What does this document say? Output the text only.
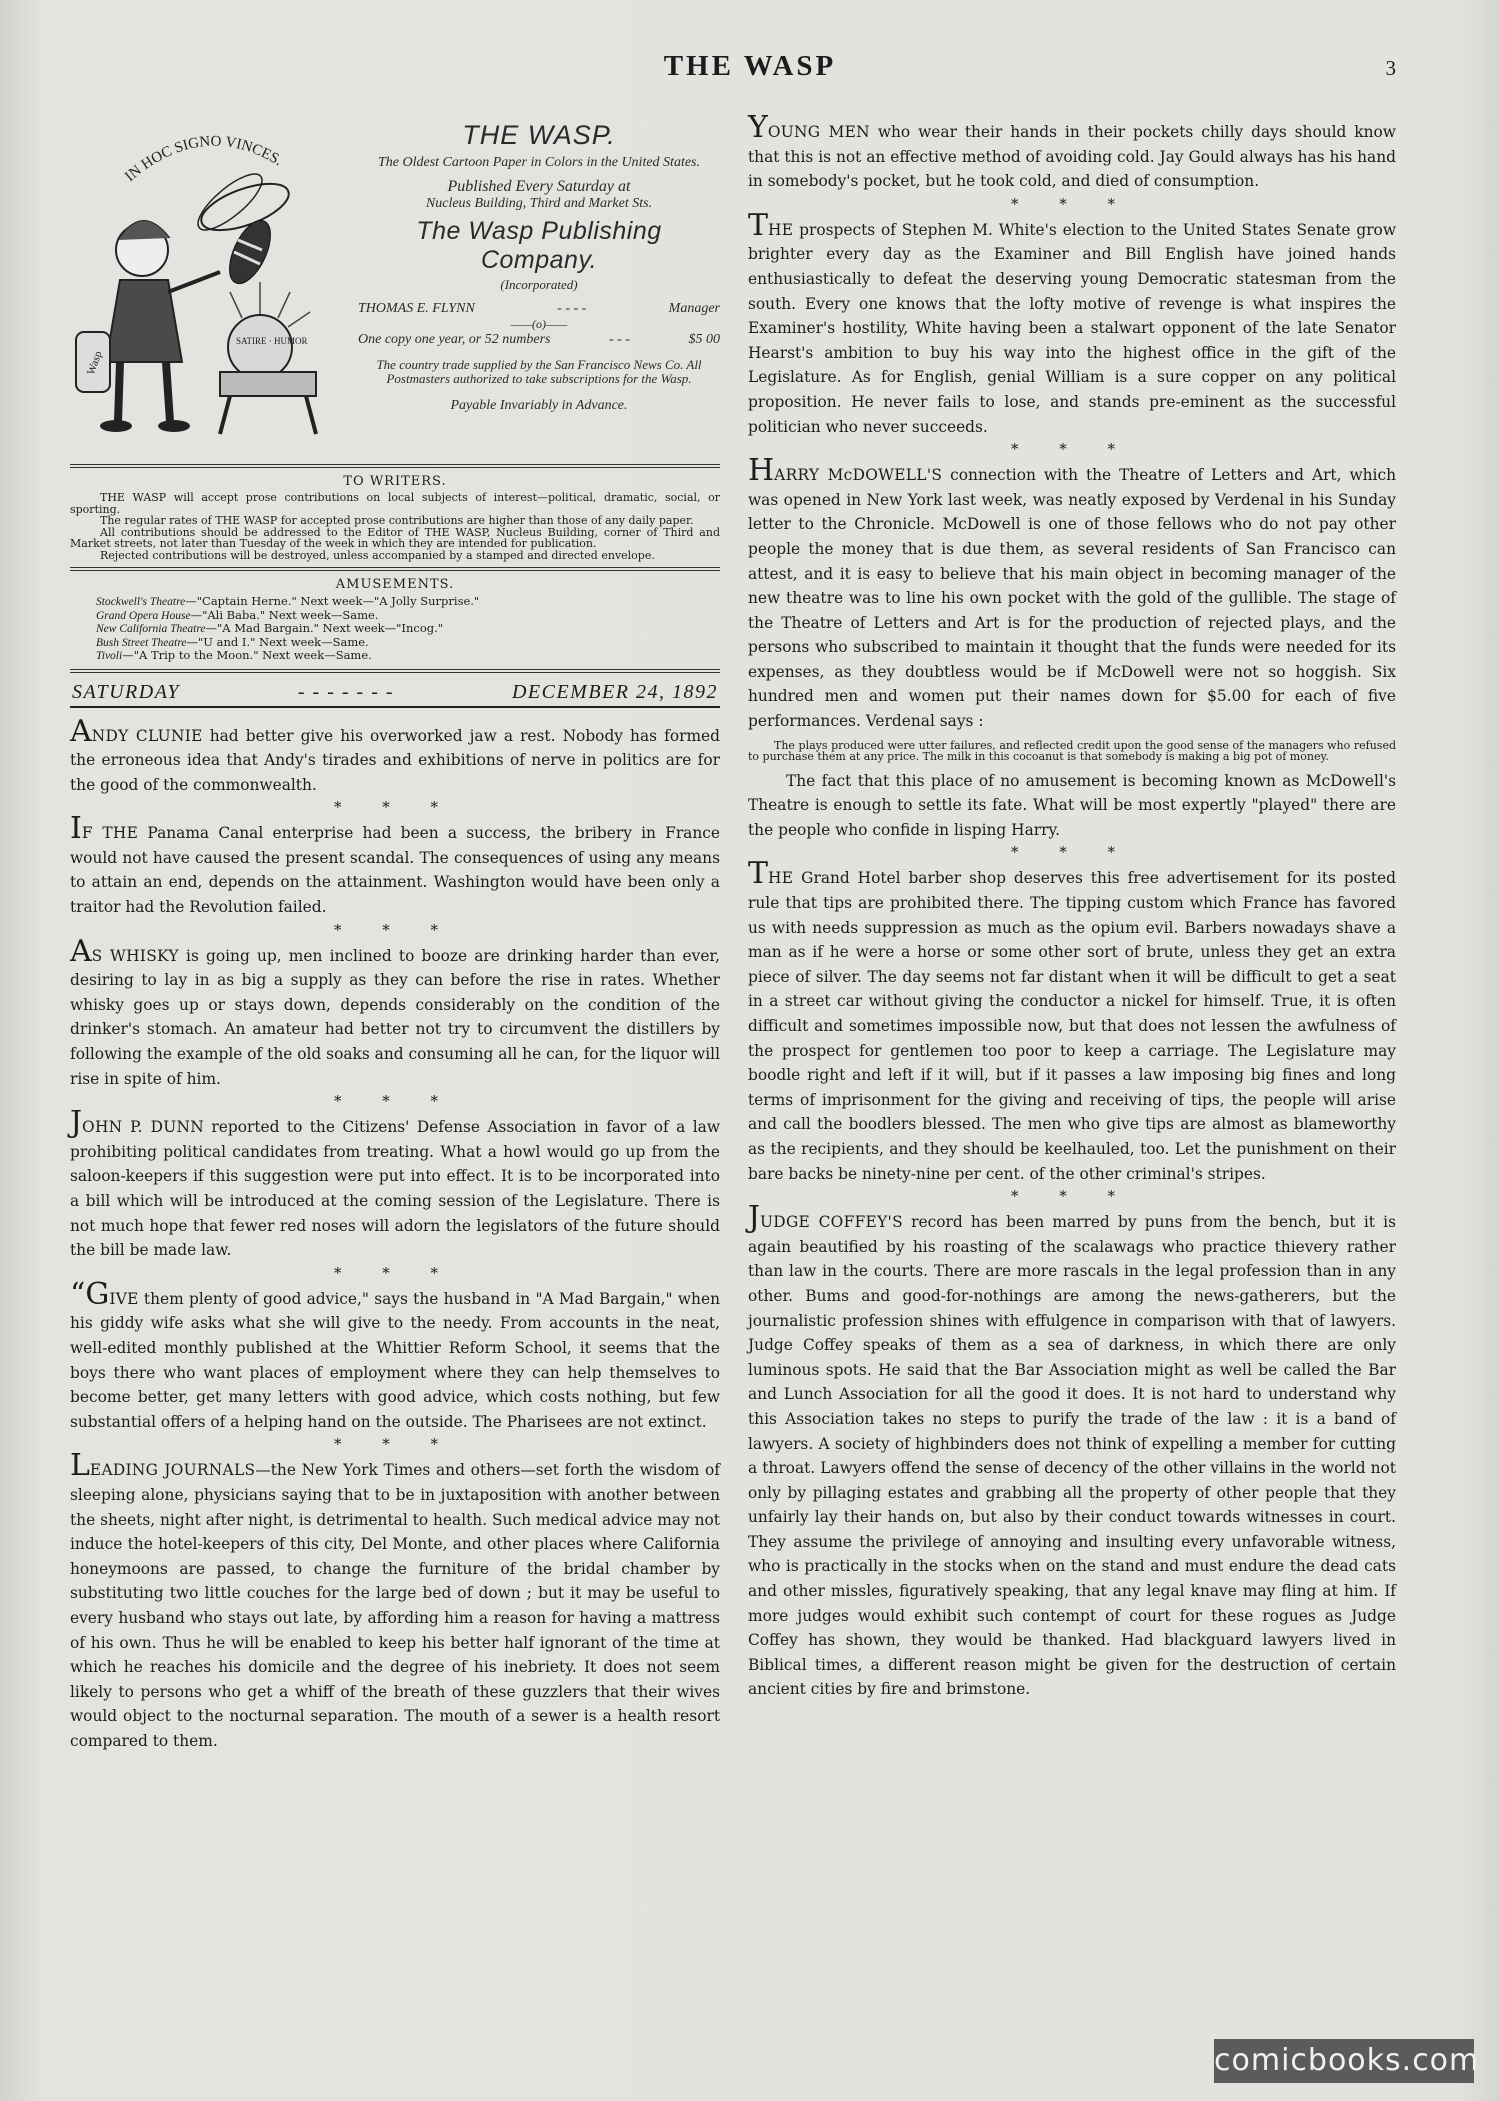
THE WASP	3
IN HOC SIGNO VINCES.
Wasp
SATIRE · HUMOR

THE WASP.

The Oldest Cartoon Paper in Colors in the United States.

Published Every Saturday at

Nucleus Building, Third and Market Sts.

The Wasp Publishing Company.

(Incorporated)

THOMAS E. FLYNN	- - - -	Manager

——(o)——

One copy one year, or 52 numbers	- - -	$5 00

The country trade supplied by the San Francisco News Co. All Postmasters authorized to take subscriptions for the Wasp.

Payable Invariably in Advance.

TO WRITERS.

THE WASP will accept prose contributions on local subjects of interest—political, dramatic, social, or sporting.

The regular rates of THE WASP for accepted prose contributions are higher than those of any daily paper.

All contributions should be addressed to the Editor of THE WASP, Nucleus Building, corner of Third and Market streets, not later than Tuesday of the week in which they are intended for publication.

Rejected contributions will be destroyed, unless accompanied by a stamped and directed envelope.

AMUSEMENTS.

Stockwell's Theatre—"Captain Herne." Next week—"A Jolly Surprise."

Grand Opera House—"Ali Baba." Next week—Same.

New California Theatre—"A Mad Bargain." Next week—"Incog."

Bush Street Theatre—"U and I." Next week—Same.

Tivoli—"A Trip to the Moon." Next week—Same.

SATURDAY	- - - - - - -	DECEMBER 24, 1892

ANDY CLUNIE had better give his overworked jaw a rest. Nobody has formed the erroneous idea that Andy's tirades and exhibitions of nerve in politics are for the good of the commonwealth.

* * *

IF THE Panama Canal enterprise had been a success, the bribery in France would not have caused the present scandal. The consequences of using any means to attain an end, depends on the attainment. Washington would have been only a traitor had the Revolution failed.

* * *

AS WHISKY is going up, men inclined to booze are drinking harder than ever, desiring to lay in as big a supply as they can before the rise in rates. Whether whisky goes up or stays down, depends considerably on the condition of the drinker's stomach. An amateur had better not try to circumvent the distillers by following the example of the old soaks and consuming all he can, for the liquor will rise in spite of him.

* * *

JOHN P. DUNN reported to the Citizens' Defense Association in favor of a law prohibiting political candidates from treating. What a howl would go up from the saloon-keepers if this suggestion were put into effect. It is to be incorporated into a bill which will be introduced at the coming session of the Legislature. There is not much hope that fewer red noses will adorn the legislators of the future should the bill be made law.

* * *

“GIVE them plenty of good advice," says the husband in "A Mad Bargain," when his giddy wife asks what she will give to the needy. From accounts in the neat, well-edited monthly published at the Whittier Reform School, it seems that the boys there who want places of employment where they can help themselves to become better, get many letters with good advice, which costs nothing, but few substantial offers of a helping hand on the outside. The Pharisees are not extinct.

* * *

LEADING JOURNALS—the New York Times and others—set forth the wisdom of sleeping alone, physicians saying that to be in juxtaposition with another between the sheets, night after night, is detrimental to health. Such medical advice may not induce the hotel-keepers of this city, Del Monte, and other places where California honeymoons are passed, to change the furniture of the bridal chamber by substituting two little couches for the large bed of down ; but it may be useful to every husband who stays out late, by affording him a reason for having a mattress of his own. Thus he will be enabled to keep his better half ignorant of the time at which he reaches his domicile and the degree of his inebriety. It does not seem likely to persons who get a whiff of the breath of these guzzlers that their wives would object to the nocturnal separation. The mouth of a sewer is a health resort compared to them.

YOUNG MEN who wear their hands in their pockets chilly days should know that this is not an effective method of avoiding cold. Jay Gould always has his hand in somebody's pocket, but he took cold, and died of consumption.

* * *

THE prospects of Stephen M. White's election to the United States Senate grow brighter every day as the Examiner and Bill English have joined hands enthusiastically to defeat the deserving young Democratic statesman from the south. Every one knows that the lofty motive of revenge is what inspires the Examiner's hostility, White having been a stalwart opponent of the late Senator Hearst's ambition to buy his way into the highest office in the gift of the Legislature. As for English, genial William is a sure copper on any political proposition. He never fails to lose, and stands pre-eminent as the successful politician who never succeeds.

* * *

HARRY McDOWELL'S connection with the Theatre of Letters and Art, which was opened in New York last week, was neatly exposed by Verdenal in his Sunday letter to the Chronicle. McDowell is one of those fellows who do not pay other people the money that is due them, as several residents of San Francisco can attest, and it is easy to believe that his main object in becoming manager of the new theatre was to line his own pocket with the gold of the gullible. The stage of the Theatre of Letters and Art is for the production of rejected plays, and the persons who subscribed to maintain it thought that the funds were needed for its expenses, as they doubtless would be if McDowell were not so hoggish. Six hundred men and women put their names down for $5.00 for each of five performances. Verdenal says :

The plays produced were utter failures, and reflected credit upon the good sense of the managers who refused to purchase them at any price. The milk in this cocoanut is that somebody is making a big pot of money.

The fact that this place of no amusement is becoming known as McDowell's Theatre is enough to settle its fate. What will be most expertly "played" there are the people who confide in lisping Harry.

* * *

THE Grand Hotel barber shop deserves this free advertisement for its posted rule that tips are prohibited there. The tipping custom which France has favored us with needs suppression as much as the opium evil. Barbers nowadays shave a man as if he were a horse or some other sort of brute, unless they get an extra piece of silver. The day seems not far distant when it will be difficult to get a seat in a street car without giving the conductor a nickel for himself. True, it is often difficult and sometimes impossible now, but that does not lessen the awfulness of the prospect for gentlemen too poor to keep a carriage. The Legislature may boodle right and left if it will, but if it passes a law imposing big fines and long terms of imprisonment for the giving and receiving of tips, the people will arise and call the boodlers blessed. The men who give tips are almost as blameworthy as the recipients, and they should be keelhauled, too. Let the punishment on their bare backs be ninety-nine per cent. of the other criminal's stripes.

* * *

JUDGE COFFEY'S record has been marred by puns from the bench, but it is again beautified by his roasting of the scalawags who practice thievery rather than law in the courts. There are more rascals in the legal profession than in any other. Bums and good-for-nothings are among the news-gatherers, but the journalistic profession shines with effulgence in comparison with that of lawyers. Judge Coffey speaks of them as a sea of darkness, in which there are only luminous spots. He said that the Bar Association might as well be called the Bar and Lunch Association for all the good it does. It is not hard to understand why this Association takes no steps to purify the trade of the law : it is a band of lawyers. A society of highbinders does not think of expelling a member for cutting a throat. Lawyers offend the sense of decency of the other villains in the world not only by pillaging estates and grabbing all the property of other people that they unfairly lay their hands on, but also by their conduct towards witnesses in court. They assume the privilege of annoying and insulting every unfavorable witness, who is practically in the stocks when on the stand and must endure the dead cats and other missles, figuratively speaking, that any legal knave may fling at him. If more judges would exhibit such contempt of court for these rogues as Judge Coffey has shown, they would be thanked. Had blackguard lawyers lived in Biblical times, a different reason might be given for the destruction of certain ancient cities by fire and brimstone.

comicbooks.com
